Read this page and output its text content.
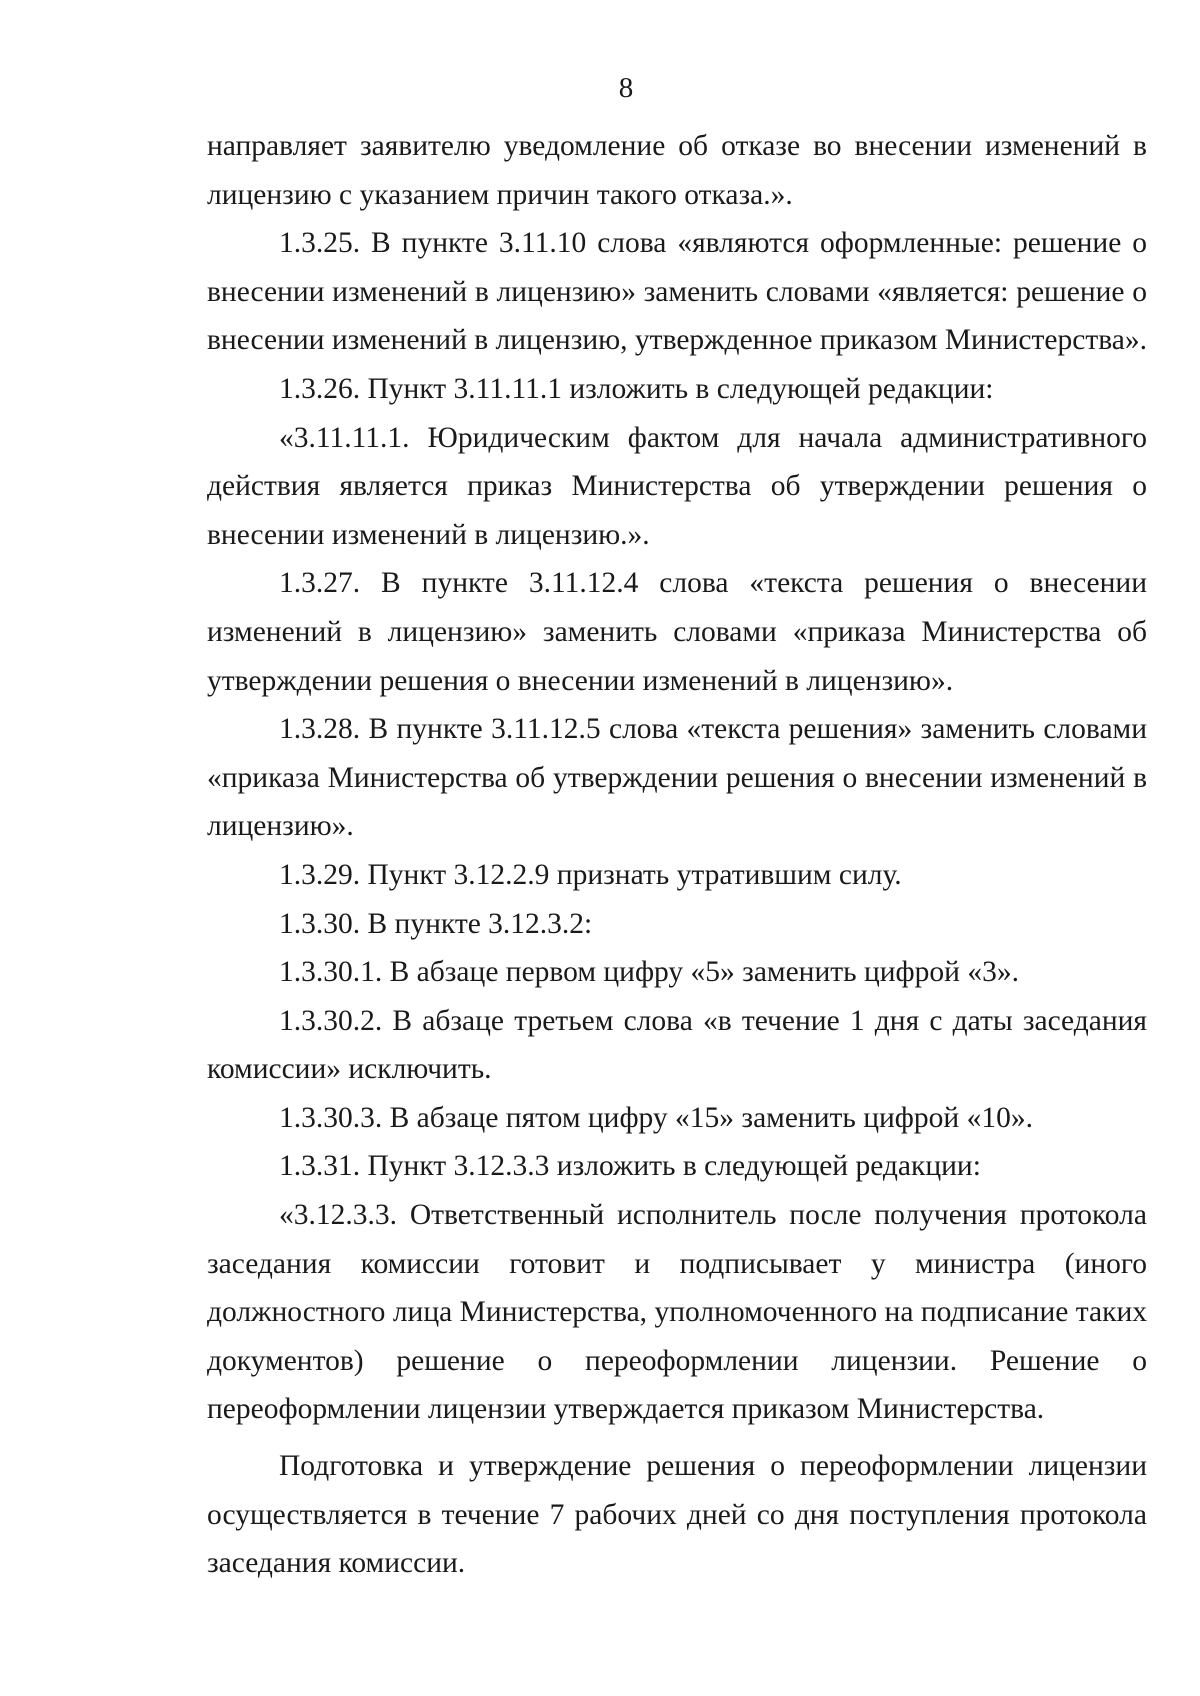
8

направляет заявителю уведомление об отказе во внесении изменений в лицензию с указанием причин такого отказа.».

1.3.25. В пункте 3.11.10 слова «являются оформленные: решение о внесении изменений в лицензию» заменить словами «является: решение о внесении изменений в лицензию, утвержденное приказом Министерства».

1.3.26. Пункт 3.11.11.1 изложить в следующей редакции:

«3.11.11.1. Юридическим фактом для начала административного действия является приказ Министерства об утверждении решения о внесении изменений в лицензию.».

1.3.27. В пункте 3.11.12.4 слова «текста решения о внесении изменений в лицензию» заменить словами «приказа Министерства об утверждении решения о внесении изменений в лицензию».

1.3.28. В пункте 3.11.12.5 слова «текста решения» заменить словами «приказа Министерства об утверждении решения о внесении изменений в лицензию».

1.3.29. Пункт 3.12.2.9 признать утратившим силу.

1.3.30. В пункте 3.12.3.2:

1.3.30.1. В абзаце первом цифру «5» заменить цифрой «3».

1.3.30.2. В абзаце третьем слова «в течение 1 дня с даты заседания комиссии» исключить.

1.3.30.3. В абзаце пятом цифру «15» заменить цифрой «10».

1.3.31. Пункт 3.12.3.3 изложить в следующей редакции:

«3.12.3.3. Ответственный исполнитель после получения протокола заседания комиссии готовит и подписывает у министра (иного должностного лица Министерства, уполномоченного на подписание таких документов) решение о переоформлении лицензии. Решение о переоформлении лицензии утверждается приказом Министерства.

Подготовка и утверждение решения о переоформлении лицензии осуществляется в течение 7 рабочих дней со дня поступления протокола заседания комиссии.
